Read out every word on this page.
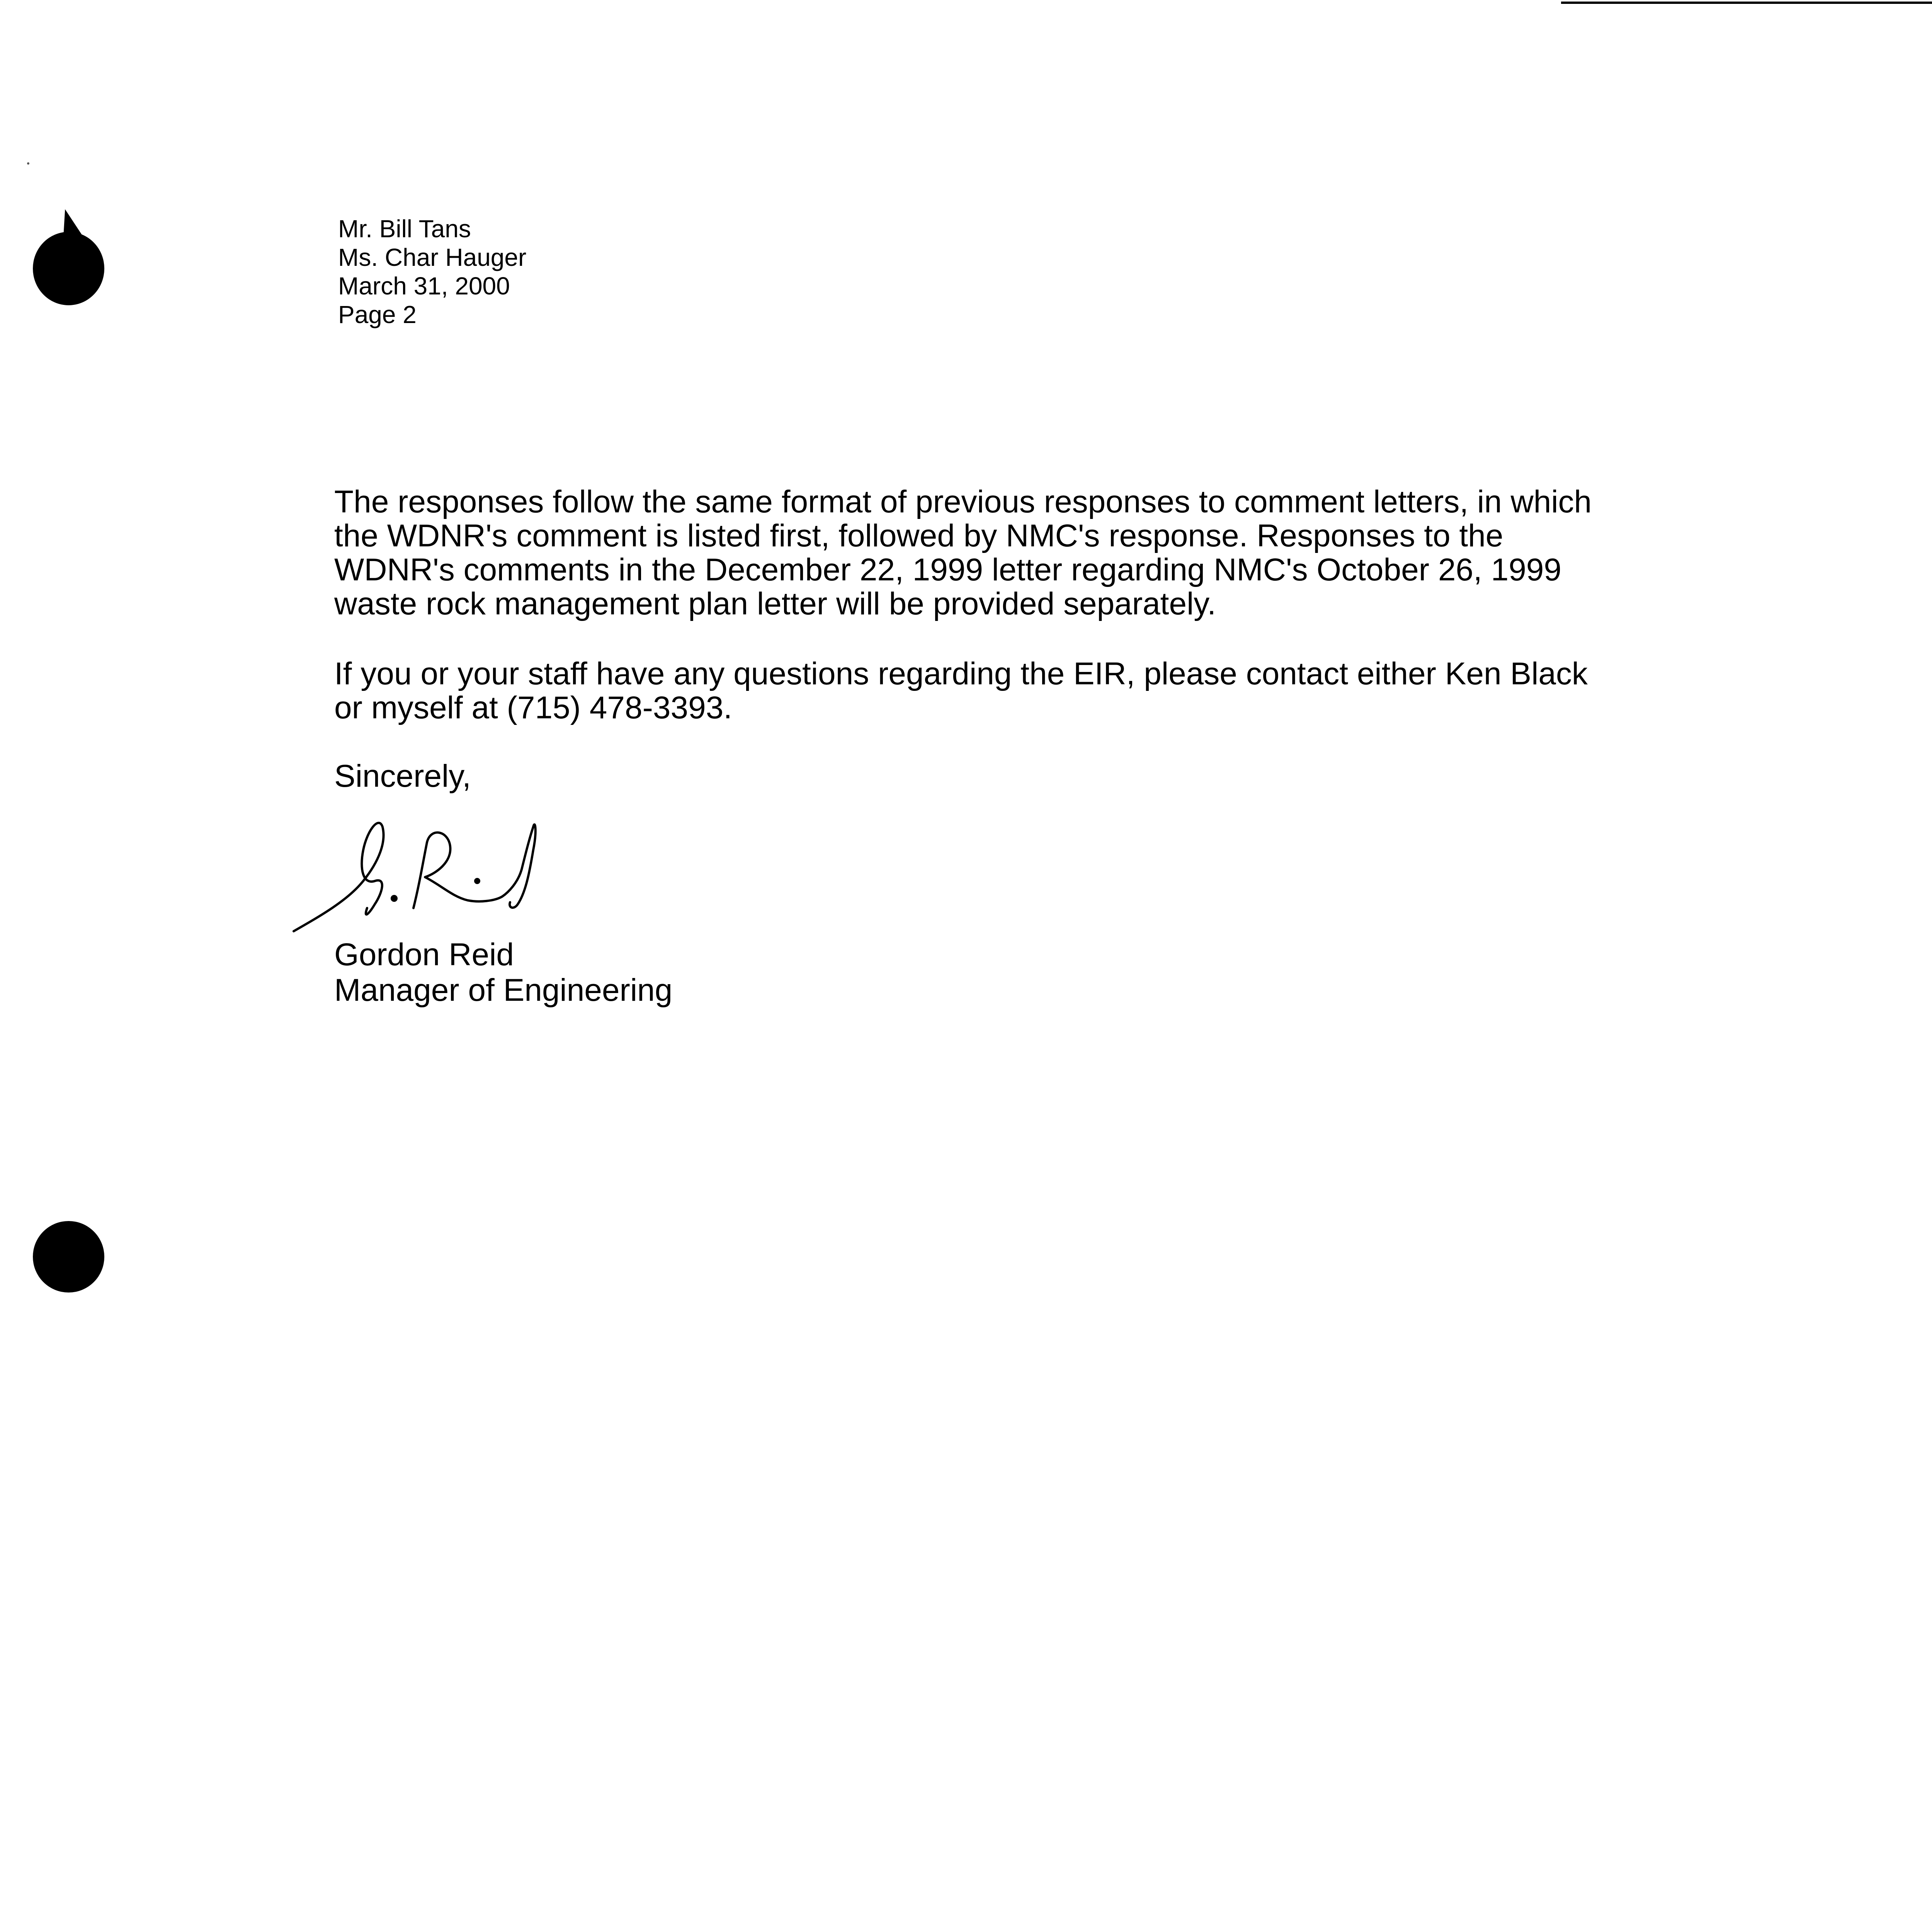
Mr. Bill Tans
Ms. Char Hauger
March 31, 2000
Page 2
The responses follow the same format of previous responses to comment letters, in which
the WDNR's comment is listed first, followed by NMC's response. Responses to the
WDNR's comments in the December 22, 1999 letter regarding NMC's October 26, 1999
waste rock management plan letter will be provided separately.
If you or your staff have any questions regarding the EIR, please contact either Ken Black
or myself at (715) 478-3393.
Sincerely,
Gordon Reid
Manager of Engineering
